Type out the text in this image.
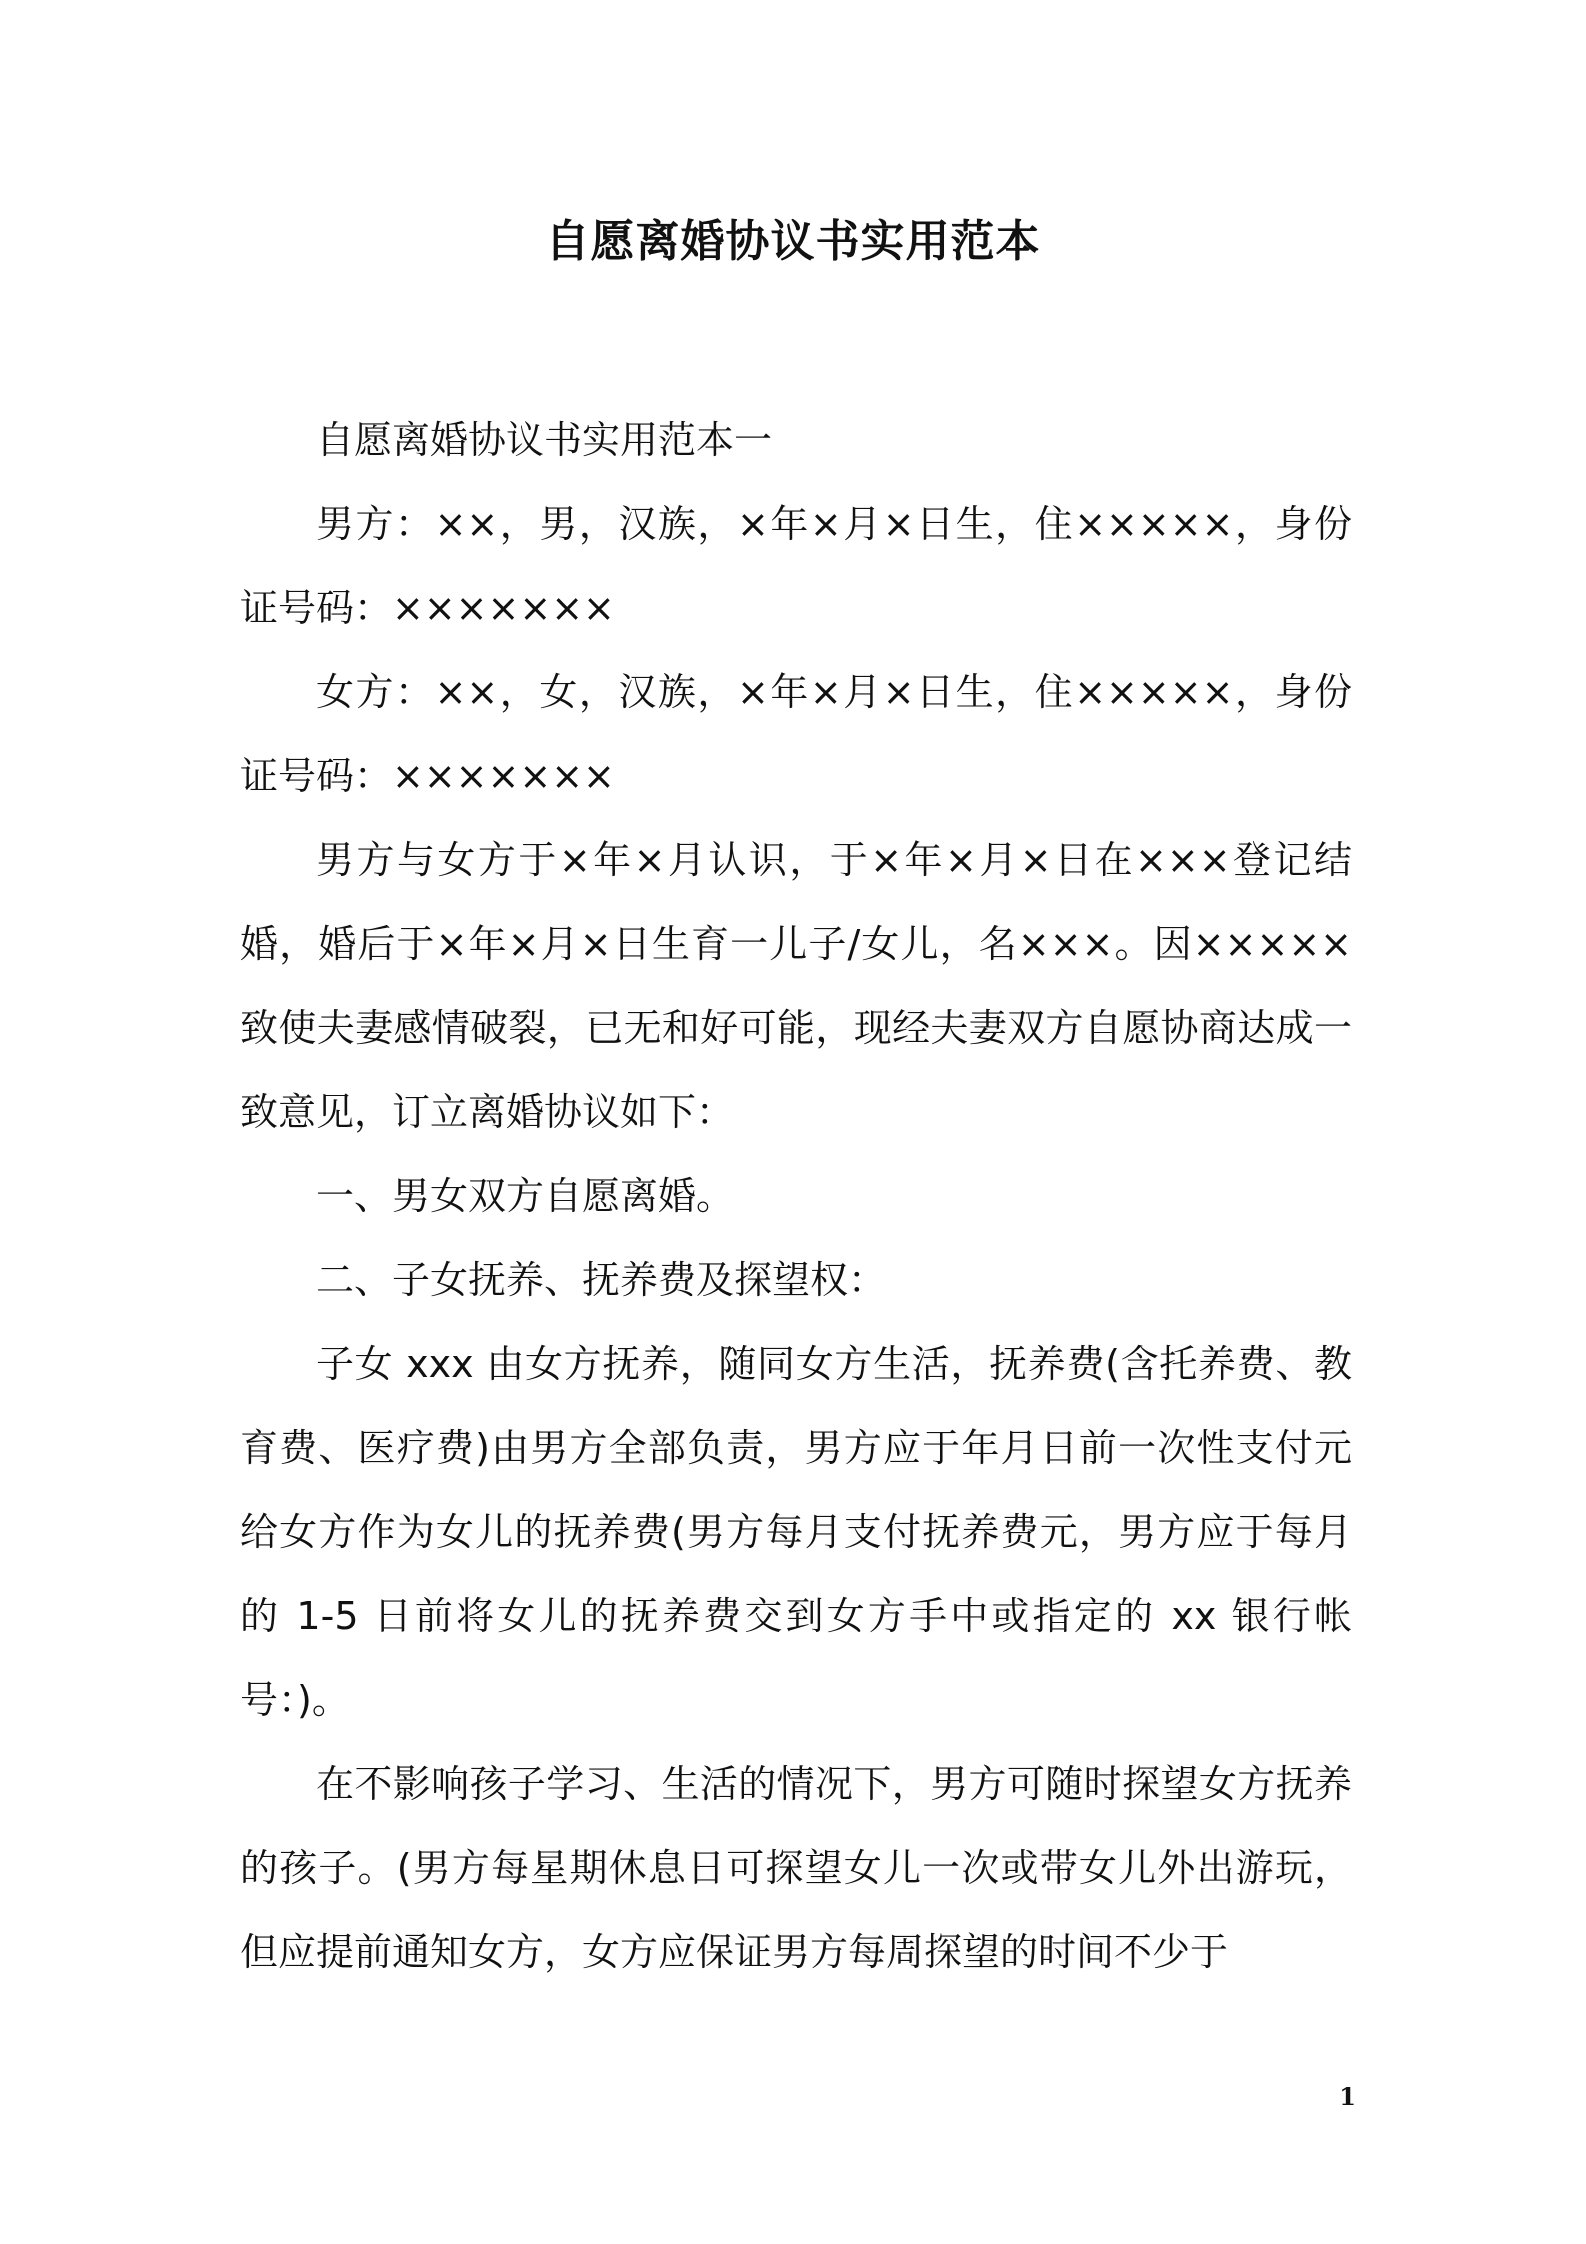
自愿离婚协议书实用范本

自愿离婚协议书实用范本一

男方：××，男，汉族，×年×月×日生，住×××××，身份证号码：×××××××

女方：××，女，汉族，×年×月×日生，住×××××，身份证号码：×××××××

男方与女方于×年×月认识，于×年×月×日在×××登记结婚，婚后于×年×月×日生育一儿子/女儿，名×××。因×××××致使夫妻感情破裂，已无和好可能，现经夫妻双方自愿协商达成一致意见，订立离婚协议如下：

一、男女双方自愿离婚。

二、子女抚养、抚养费及探望权：

子女 xxx 由女方抚养，随同女方生活，抚养费(含托养费、教育费、医疗费)由男方全部负责，男方应于年月日前一次性支付元给女方作为女儿的抚养费(男方每月支付抚养费元，男方应于每月的 1-5 日前将女儿的抚养费交到女方手中或指定的 xx 银行帐号：)。

在不影响孩子学习、生活的情况下，男方可随时探望女方抚养的孩子。(男方每星期休息日可探望女儿一次或带女儿外出游玩，但应提前通知女方，女方应保证男方每周探望的时间不少于

1
